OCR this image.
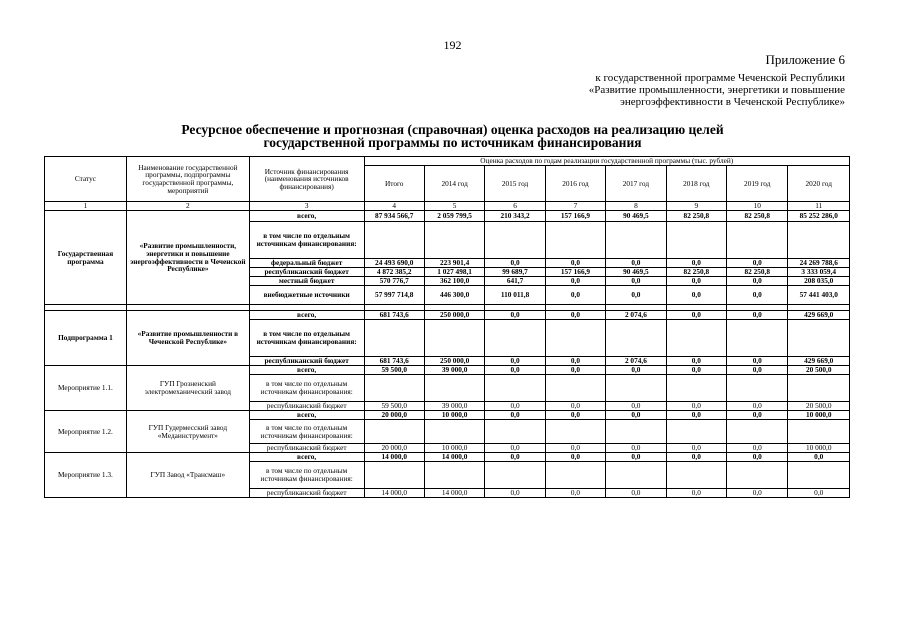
192
Приложение 6
к государственной программе Чеченской Республики
«Развитие промышленности, энергетики и повышение
энергоэффективности в Чеченской Республике»
Ресурсное обеспечение и прогнозная (справочная) оценка расходов на реализацию целей
государственной программы по источникам финансирования
Статус	Наименование государственной программы, подпрограммы государственной программы, мероприятий	Источник финансирования (наименования источников финансирования)	Оценка расходов по годам реализации государственной программы (тыс. рублей)							
			Итого	2014 год	2015 год	2016 год	2017 год	2018 год	2019 год	2020 год
1	2	3	4	5	6	7	8	9	10	11
Государственная программа	«Развитие промышленности, энергетики и повышение энергоэффективности в Чеченской Республике»	всего,	87 934 566,7	2 059 799,5	210 343,2	157 166,9	90 469,5	82 250,8	82 250,8	85 252 286,0
		в том числе по отдельным источникам финансирования:								
		федеральный бюджет	24 493 690,0	223 901,4	0,0	0,0	0,0	0,0	0,0	24 269 788,6
		республиканский бюджет	4 872 385,2	1 027 498,1	99 689,7	157 166,9	90 469,5	82 250,8	82 250,8	3 333 059,4
		местный бюджет	570 776,7	362 100,0	641,7	0,0	0,0	0,0	0,0	208 035,0
		внебюджетные источники	57 997 714,8	446 300,0	110 011,8	0,0	0,0	0,0	0,0	57 441 403,0

Подпрограмма 1	«Развитие промышленности в Чеченской Республике»	всего,	681 743,6	250 000,0	0,0	0,0	2 074,6	0,0	0,0	429 669,0
		в том числе по отдельным источникам финансирования:								
		республиканский бюджет	681 743,6	250 000,0	0,0	0,0	2 074,6	0,0	0,0	429 669,0
Мероприятие 1.1.	ГУП Грозненский электромеханический завод	всего,	59 500,0	39 000,0	0,0	0,0	0,0	0,0	0,0	20 500,0
		в том числе по отдельным источникам финансирования:								
		республиканский бюджет	59 500,0	39 000,0	0,0	0,0	0,0	0,0	0,0	20 500,0
Мероприятие 1.2.	ГУП Гудермесский завод «Медаинструмент»	всего,	20 000,0	10 000,0	0,0	0,0	0,0	0,0	0,0	10 000,0
		в том числе по отдельным источникам финансирования:								
		республиканский бюджет	20 000,0	10 000,0	0,0	0,0	0,0	0,0	0,0	10 000,0
Мероприятие 1.3.	ГУП Завод «Трансмаш»	всего,	14 000,0	14 000,0	0,0	0,0	0,0	0,0	0,0	0,0
		в том числе по отдельным источникам финансирования:								
		республиканский бюджет	14 000,0	14 000,0	0,0	0,0	0,0	0,0	0,0	0,0
